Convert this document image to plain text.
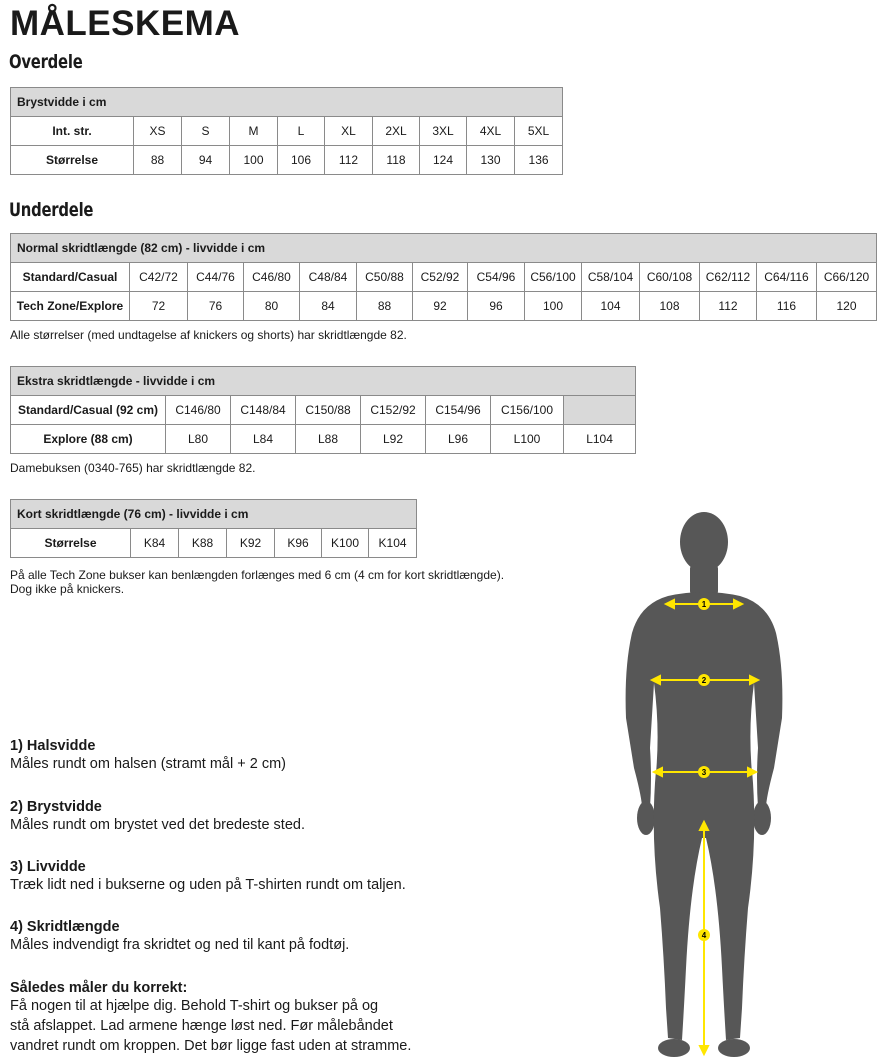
MÅLESKEMA
Overdele
Brystvidde i cm									
Int. str.	XS	S	M	L	XL	2XL	3XL	4XL	5XL
Størrelse	88	94	100	106	112	118	124	130	136
Underdele
Normal skridtlængde (82 cm) - livvidde i cm													
Standard/Casual	C42/72	C44/76	C46/80	C48/84	C50/88	C52/92	C54/96	C56/100	C58/104	C60/108	C62/112	C64/116	C66/120
Tech Zone/Explore	72	76	80	84	88	92	96	100	104	108	112	116	120

Alle størrelser (med undtagelse af knickers og shorts) har skridtlængde 82.

Ekstra skridtlængde - livvidde i cm							
Standard/Casual (92 cm)	C146/80	C148/84	C150/88	C152/92	C154/96	C156/100	
Explore (88 cm)	L80	L84	L88	L92	L96	L100	L104

Damebuksen (0340-765) har skridtlængde 82.

Kort skridtlængde (76 cm) - livvidde i cm
Størrelse	K84	K88	K92	K96	K100	K104

På alle Tech Zone bukser kan benlængden forlænges med 6 cm (4 cm for kort skridtlængde).

Dog ikke på knickers.

1) Halsvidde

Måles rundt om halsen (stramt mål + 2 cm)

2) Brystvidde

Måles rundt om brystet ved det bredeste sted.

3) Livvidde

Træk lidt ned i bukserne og uden på T-shirten rundt om taljen.

4) Skridtlængde

Måles indvendigt fra skridtet og ned til kant på fodtøj.

Således måler du korrekt:

Få nogen til at hjælpe dig. Behold T-shirt og bukser på og

stå afslappet. Lad armene hænge løst ned. Før målebåndet

vandret rundt om kroppen. Det bør ligge fast uden at stramme.

1
2
3
4
